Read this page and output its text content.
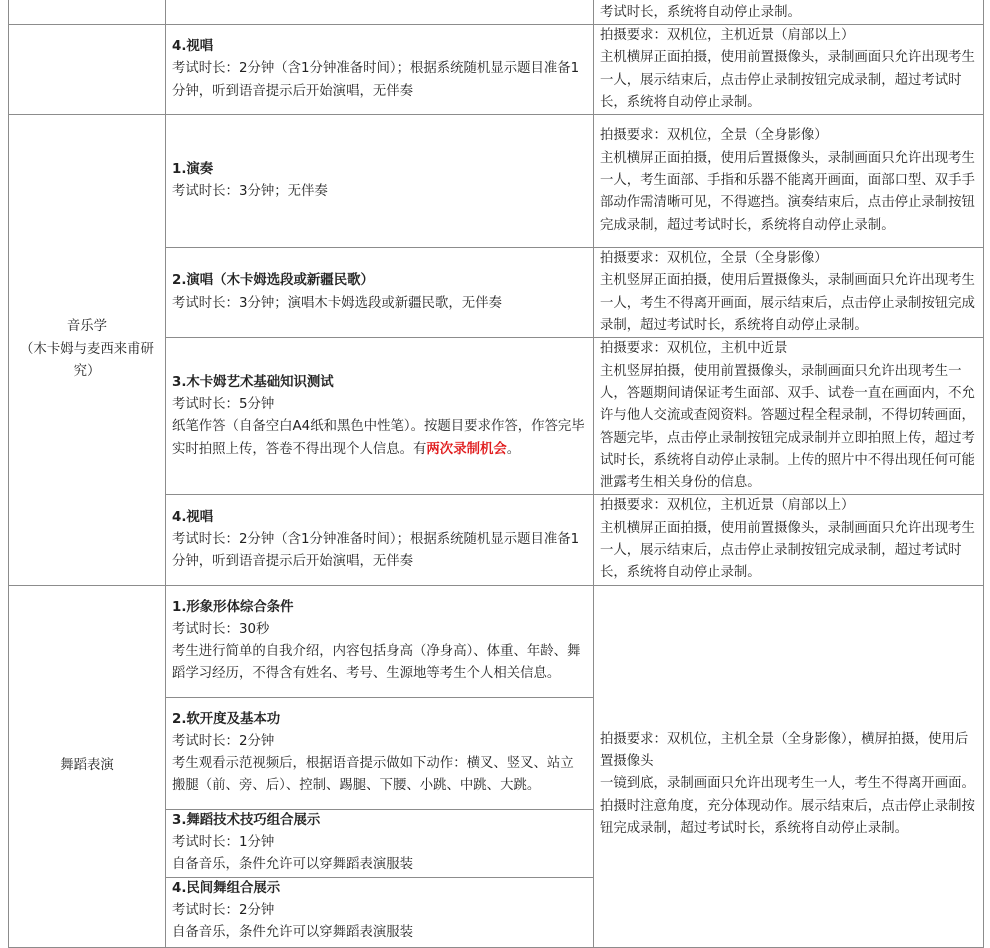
		考试时长，系统将自动停止录制。

	4.视唱
考试时长：2分钟（含1分钟准备时间）；根据系统随机显示题目准备1分钟，听到语音提示后开始演唱，无伴奏	拍摄要求：双机位，主机近景（肩部以上）
主机横屏正面拍摄，使用前置摄像头，录制画面只允许出现考生一人，展示结束后，点击停止录制按钮完成录制，超过考试时长，系统将自动停止录制。

音乐学
（木卡姆与麦西来甫研究）	1.演奏
考试时长：3分钟；无伴奏	拍摄要求：双机位，全景（全身影像）
主机横屏正面拍摄，使用后置摄像头，录制画面只允许出现考生一人，考生面部、手指和乐器不能离开画面，面部口型、双手手部动作需清晰可见，不得遮挡。演奏结束后，点击停止录制按钮完成录制，超过考试时长，系统将自动停止录制。

	2.演唱（木卡姆选段或新疆民歌）
考试时长：3分钟；演唱木卡姆选段或新疆民歌，无伴奏	拍摄要求：双机位，全景（全身影像）
主机竖屏正面拍摄，使用后置摄像头，录制画面只允许出现考生一人，考生不得离开画面，展示结束后，点击停止录制按钮完成录制，超过考试时长，系统将自动停止录制。

	3.木卡姆艺术基础知识测试
考试时长：5分钟
纸笔作答（自备空白A4纸和黑色中性笔）。按题目要求作答，作答完毕实时拍照上传，答卷不得出现个人信息。有两次录制机会。	拍摄要求：双机位，主机中近景
主机竖屏拍摄，使用前置摄像头，录制画面只允许出现考生一人，答题期间请保证考生面部、双手、试卷一直在画面内，不允许与他人交流或查阅资料。答题过程全程录制，不得切转画面，答题完毕，点击停止录制按钮完成录制并立即拍照上传，超过考试时长，系统将自动停止录制。上传的照片中不得出现任何可能泄露考生相关身份的信息。

	4.视唱
考试时长：2分钟（含1分钟准备时间）；根据系统随机显示题目准备1分钟，听到语音提示后开始演唱，无伴奏	拍摄要求：双机位，主机近景（肩部以上）
主机横屏正面拍摄，使用前置摄像头，录制画面只允许出现考生一人，展示结束后，点击停止录制按钮完成录制，超过考试时长，系统将自动停止录制。

舞蹈表演	1.形象形体综合条件
考试时长：30秒
考生进行简单的自我介绍，内容包括身高（净身高）、体重、年龄、舞蹈学习经历，不得含有姓名、考号、生源地等考生个人相关信息。	拍摄要求：双机位，主机全景（全身影像），横屏拍摄，使用后置摄像头
一镜到底，录制画面只允许出现考生一人，考生不得离开画面。拍摄时注意角度，充分体现动作。展示结束后，点击停止录制按钮完成录制，超过考试时长，系统将自动停止录制。

	2.软开度及基本功
考试时长：2分钟
考生观看示范视频后，根据语音提示做如下动作：横叉、竖叉、站立搬腿（前、旁、后）、控制、踢腿、下腰、小跳、中跳、大跳。	

	3.舞蹈技术技巧组合展示
考试时长：1分钟
自备音乐，条件允许可以穿舞蹈表演服装	

	4.民间舞组合展示
考试时长：2分钟
自备音乐，条件允许可以穿舞蹈表演服装	
